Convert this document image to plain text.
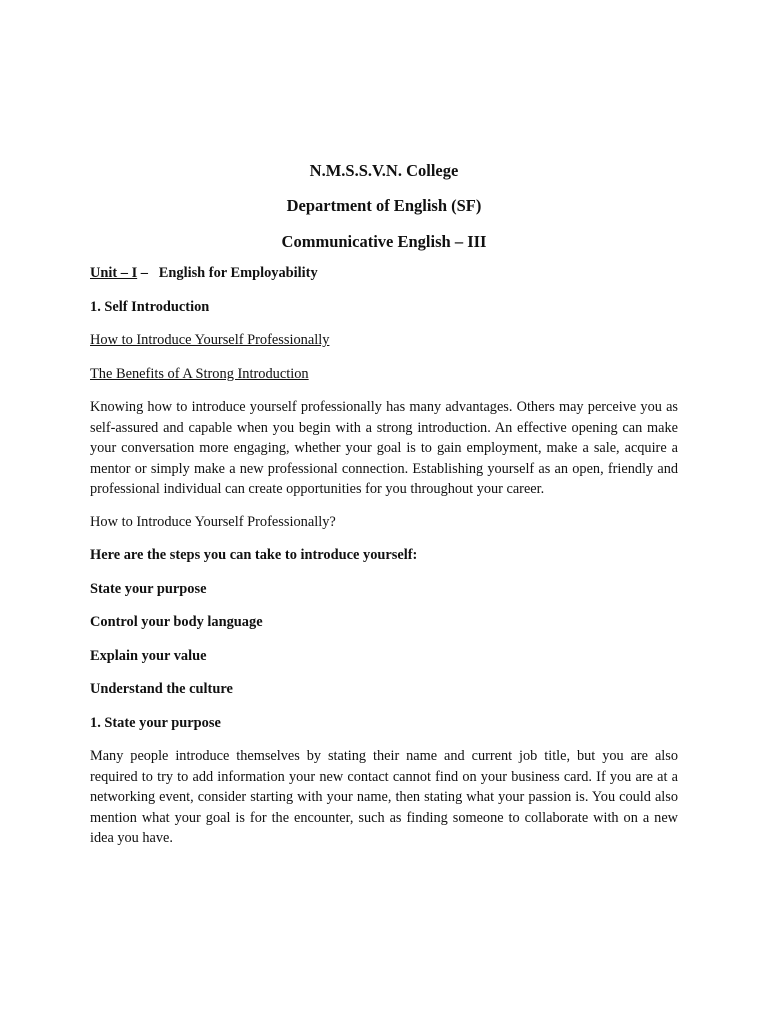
N.M.S.S.V.N. College
Department of English (SF)
Communicative English – III
Unit – I –   English for Employability
1. Self Introduction
How to Introduce Yourself Professionally
The Benefits of A Strong Introduction

Knowing how to introduce yourself professionally has many advantages. Others may perceive you as self-assured and capable when you begin with a strong introduction. An effective opening can make your conversation more engaging, whether your goal is to gain employment, make a sale, acquire a mentor or simply make a new professional connection. Establishing yourself as an open, friendly and professional individual can create opportunities for you throughout your career.

How to Introduce Yourself Professionally?
Here are the steps you can take to introduce yourself:
State your purpose
Control your body language
Explain your value
Understand the culture
1. State your purpose

Many people introduce themselves by stating their name and current job title, but you are also required to try to add information your new contact cannot find on your business card. If you are at a networking event, consider starting with your name, then stating what your passion is. You could also mention what your goal is for the encounter, such as finding someone to collaborate with on a new idea you have.
